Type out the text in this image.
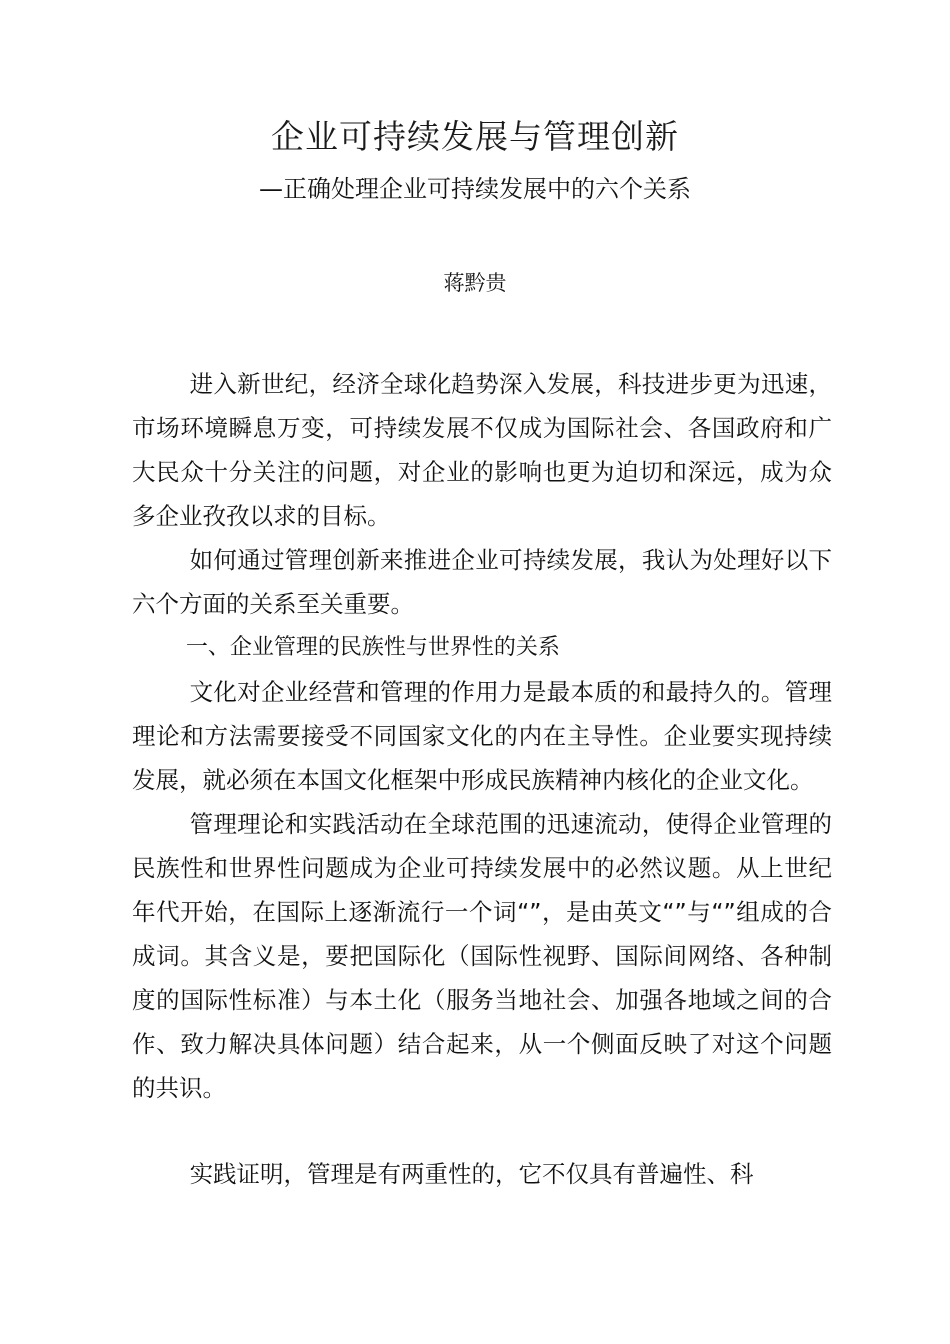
企业可持续发展与管理创新
—正确处理企业可持续发展中的六个关系
蒋黔贵

进入新世纪，经济全球化趋势深入发展，科技进步更为迅速，市场环境瞬息万变，可持续发展不仅成为国际社会、各国政府和广大民众十分关注的问题，对企业的影响也更为迫切和深远，成为众多企业孜孜以求的目标。

如何通过管理创新来推进企业可持续发展，我认为处理好以下六个方面的关系至关重要。

一、企业管理的民族性与世界性的关系

文化对企业经营和管理的作用力是最本质的和最持久的。管理理论和方法需要接受不同国家文化的内在主导性。企业要实现持续发展，就必须在本国文化框架中形成民族精神内核化的企业文化。

管理理论和实践活动在全球范围的迅速流动，使得企业管理的民族性和世界性问题成为企业可持续发展中的必然议题。从上世纪年代开始，在国际上逐渐流行一个词“”，是由英文“”与“”组成的合成词。其含义是，要把国际化（国际性视野、国际间网络、各种制度的国际性标准）与本土化（服务当地社会、加强各地域之间的合作、致力解决具体问题）结合起来，从一个侧面反映了对这个问题的共识。

实践证明，管理是有两重性的，它不仅具有普遍性、科
